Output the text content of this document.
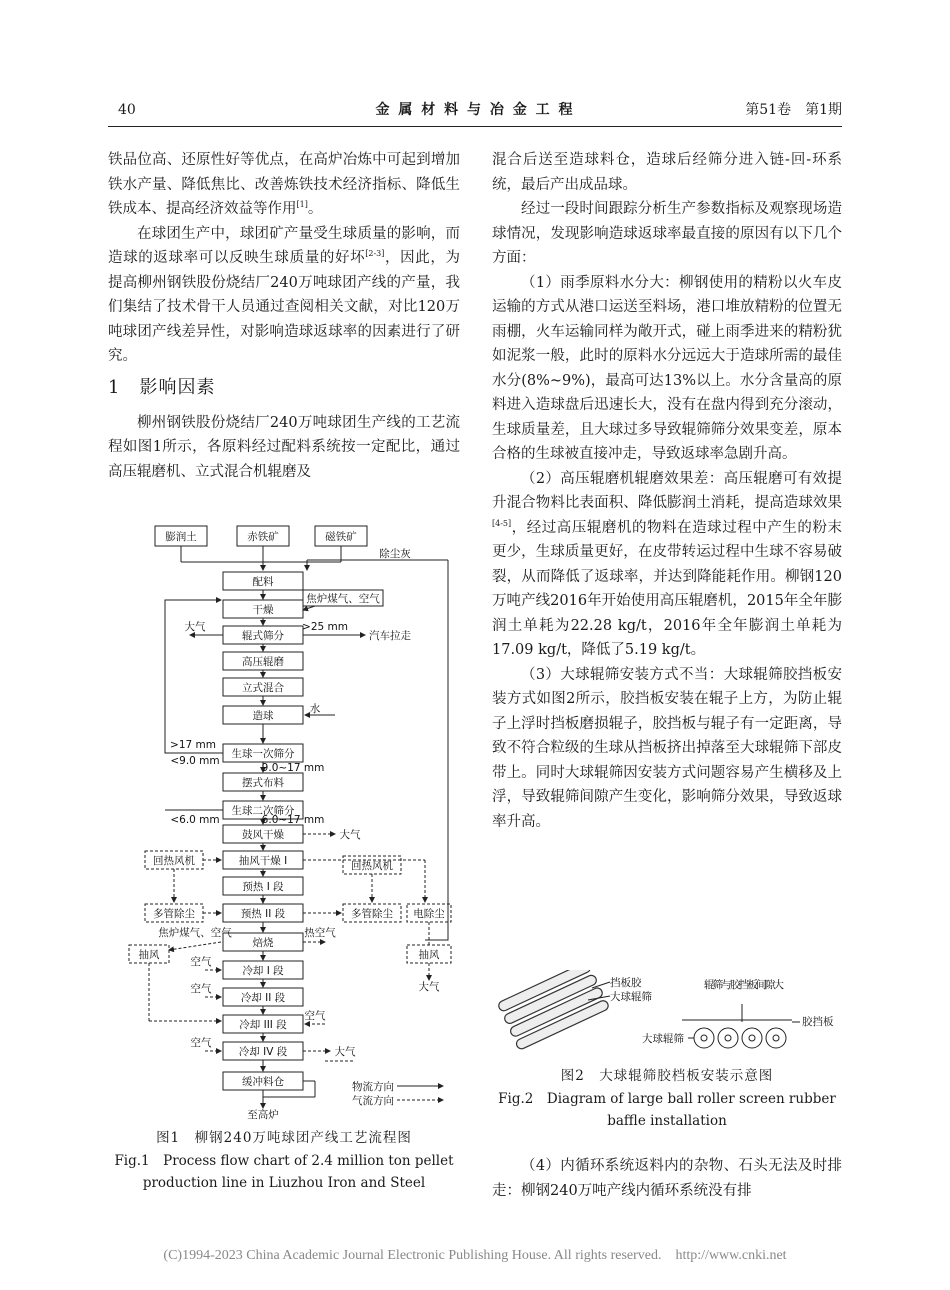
40	金 属 材 料 与 冶 金 工 程	第51卷　第1期

铁品位高、还原性好等优点，在高炉冶炼中可起到增加铁水产量、降低焦比、改善炼铁技术经济指标、降低生铁成本、提高经济效益等作用[1]。

在球团生产中，球团矿产量受生球质量的影响，而造球的返球率可以反映生球质量的好坏[2-3]，因此，为提高柳州钢铁股份烧结厂240万吨球团产线的产量，我们集结了技术骨干人员通过查阅相关文献，对比120万吨球团产线差异性，对影响造球返球率的因素进行了研究。

1　影响因素

柳州钢铁股份烧结厂240万吨球团生产线的工艺流程如图1所示，各原料经过配料系统按一定配比，通过高压辊磨机、立式混合机辊磨及

膨润土	赤铁矿	磁铁矿
除尘灰
配料
干燥
辊式筛分
高压辊磨
立式混合
造球
生球一次筛分
摆式布料
生球二次筛分
鼓风干燥
抽风干燥 I
预热 I 段
预热 II 段
焙烧
冷却 I 段
冷却 II 段
冷却 III 段
冷却 IV 段
缓冲料仓
焦炉煤气、空气
大气	>25 mm
汽车拉走
水
>17 mm
<9.0 mm
9.0~17 mm
<6.0 mm	6.0~17 mm
大气
回热风机	回热风机
多管除尘	多管除尘 电除尘
焦炉煤气、空气	热空气
抽风	抽风
大气
空气
空气
空气
空气
大气
至高炉
物流方向
气流方向
图1　柳钢240万吨球团产线工艺流程图
Fig.1　Process flow chart of 2.4 million ton pellet production line in Liuzhou Iron and Steel

混合后送至造球料仓，造球后经筛分进入链-回-环系统，最后产出成品球。

经过一段时间跟踪分析生产参数指标及观察现场造球情况，发现影响造球返球率最直接的原因有以下几个方面：

（1）雨季原料水分大：柳钢使用的精粉以火车皮运输的方式从港口运送至料场，港口堆放精粉的位置无雨棚，火车运输同样为敞开式，碰上雨季进来的精粉犹如泥浆一般，此时的原料水分远远大于造球所需的最佳水分(8%~9%)，最高可达13%以上。水分含量高的原料进入造球盘后迅速长大，没有在盘内得到充分滚动，生球质量差，且大球过多导致辊筛筛分效果变差，原本合格的生球被直接冲走，导致返球率急剧升高。

（2）高压辊磨机辊磨效果差：高压辊磨可有效提升混合物料比表面积、降低膨润土消耗，提高造球效果[4-5]，经过高压辊磨机的物料在造球过程中产生的粉末更少，生球质量更好，在皮带转运过程中生球不容易破裂，从而降低了返球率，并达到降能耗作用。柳钢120万吨产线2016年开始使用高压辊磨机，2015年全年膨润土单耗为22.28 kg/t，2016年全年膨润土单耗为17.09 kg/t，降低了5.19 kg/t。

（3）大球辊筛安装方式不当：大球辊筛胶挡板安装方式如图2所示，胶挡板安装在辊子上方，为防止辊子上浮时挡板磨损辊子，胶挡板与辊子有一定距离，导致不符合粒级的生球从挡板挤出掉落至大球辊筛下部皮带上。同时大球辊筛因安装方式问题容易产生横移及上浮，导致辊筛间隙产生变化，影响筛分效果，导致返球率升高。

挡板胶
大球辊筛
辊筛与胶挡板间隙大
胶挡板
大球辊筛
图2　大球辊筛胶档板安装示意图
Fig.2　Diagram of large ball roller screen rubber baffle installation

（4）内循环系统返料内的杂物、石头无法及时排走：柳钢240万吨产线内循环系统没有排

(C)1994-2023 China Academic Journal Electronic Publishing House. All rights reserved.　http://www.cnki.net
